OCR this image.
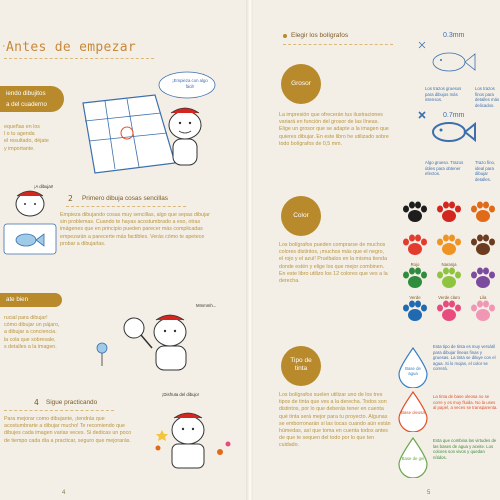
Antes de empezar
·
iendo dibujitos
a del cuaderno
equeñas en los
l o tu agenda
el resultado, déjate
y importante.
¡Empieza con algo fácil!
2 Primero dibuja cosas sencillas
Empieza dibujando cosas muy sencillas, algo que sepas dibujar sin problemas. Cuando te hayas acostumbrado a eso, otras imágenes que en principio pueden parecer más complicadas empezarán a parecerte más factibles. Verás cómo te apetece probar a dibujarlas.
¡A dibujar!
ate bien
rucial para dibujar!
cómo dibujar un pájaro,
a dibujar a conciencia.
la cola que sobresale,
s detalles a la imagen.
Mmmmh...
4 Sigue practicando
Para mejorar como dibujante, ¡tendrás que acostumbrarte a dibujar mucho! Te recomiendo que dibujes cada imagen varias veces. Si dedicas un poco de tiempo cada día a practicar, seguro que mejorarás.
¡Disfruta del dibujo!
4
Elegir los bolígrafos
Grosor
La impresión que ofrecerán tus ilustraciones variará en función del grosor de las líneas. Elige un grosor que se adapte a la imagen que quieres dibujar. En este libro he utilizado sobre todo bolígrafos de 0,5 mm.
0.3mm
0.7mm
Los trazos gruesos para dibujos más intensos.
Algo grueso. Trazos útiles para obtener efectos.
Los trazos finos para detalles más delicados.
Trazo fino, ideal para dibujar detalles.
Color
Los bolígrafos pueden comprarse de muchos colores distintos, ¡muchos más que el negro, el rojo y el azul! Pruébalos en la misma tienda donde estén y elige los que mejor combinen. En este libro utilizo los 12 colores que ves a la derecha.
Rojo	Naranja
Verde	Verde claro	Lila
Tipo de
tinta
Los bolígrafos suelen utilizar uno de los tres tipos de tinta que ves a la derecha. Todos son distintos, por lo que deberás tener en cuenta qué tinta será mejor para tu proyecto. Algunas se emborronarán si las tocas cuando aún están húmedas, así que toma en cuenta todos antes de que te sequen del todo por lo que ten cuidado.
Base de agua
Base oleosa
Base de gel
Esta tipo de tinta es muy versátil para dibujar líneas finas y gruesas. La tinta se diluye con el agua. Si lo mojas, el color se correrá.
La tinta de base oleosa no se corre y es muy fluida. No la uses al papel, a veces se transparenta.
Esta que combina las virtudes de las bases de agua y aceite. Los colores son vivos y quedan nítidos.
5
